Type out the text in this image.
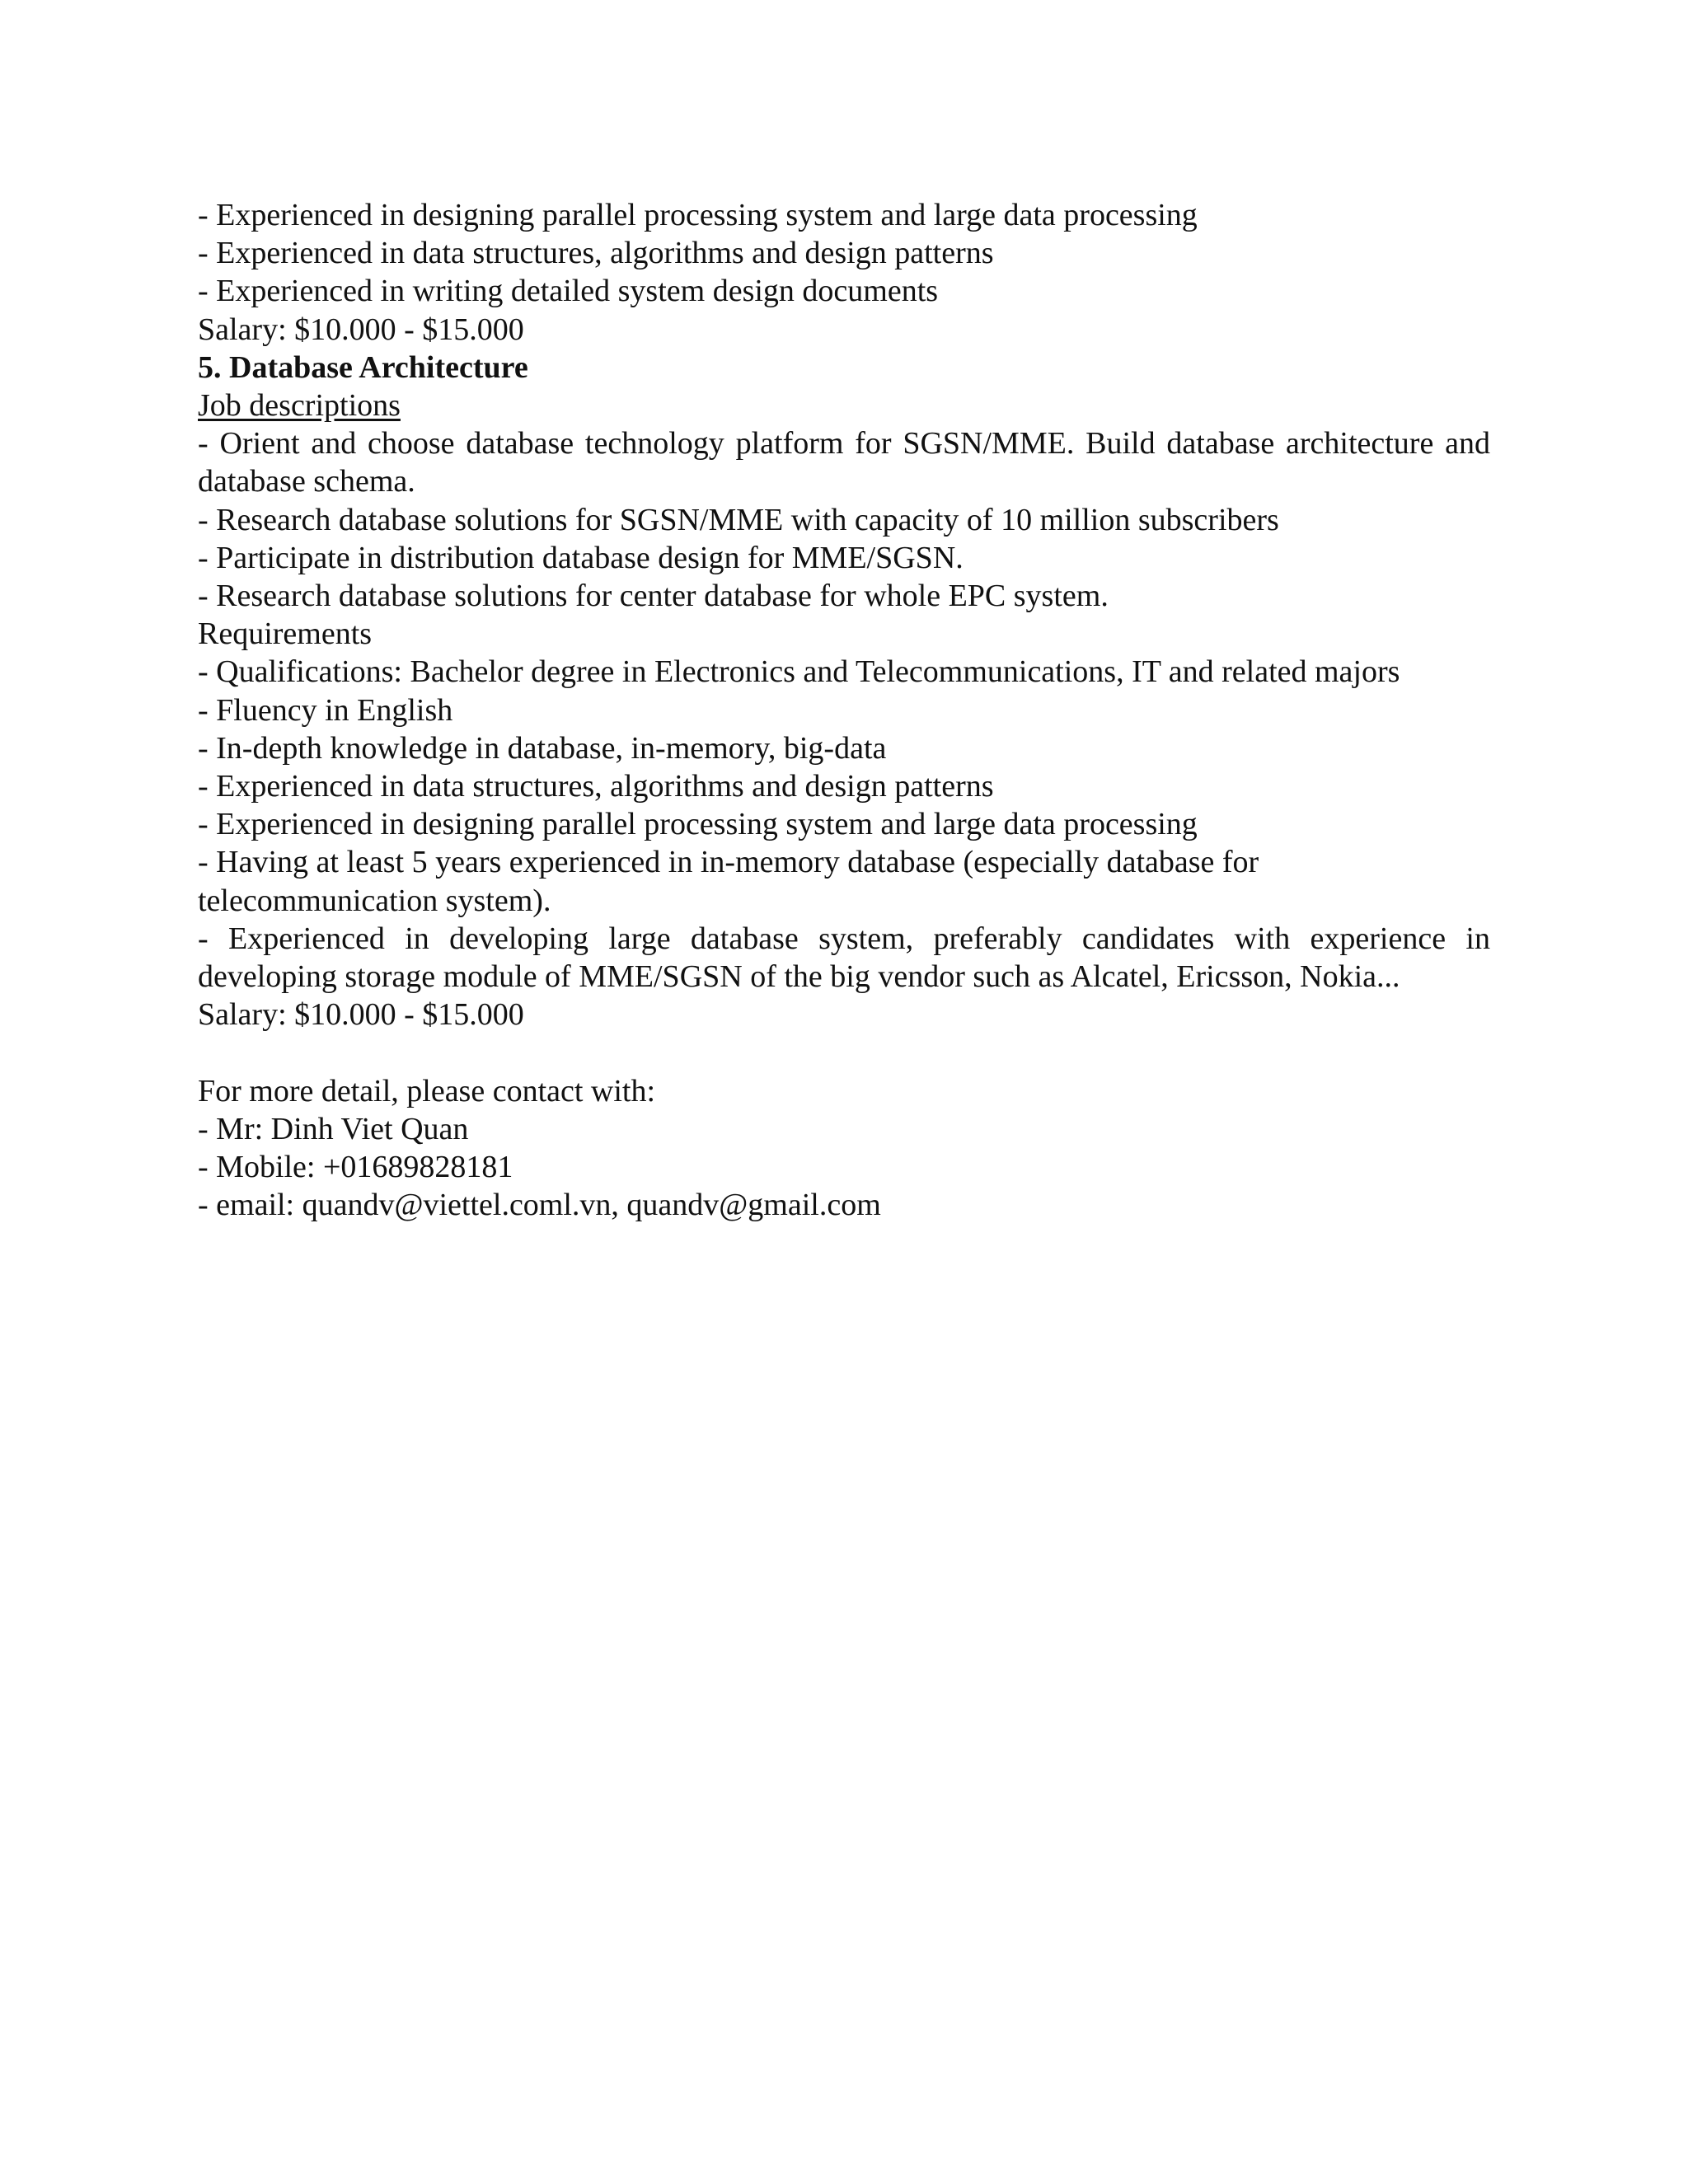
- Experienced in designing parallel processing system and large data processing
- Experienced in data structures, algorithms and design patterns
- Experienced in writing detailed system design documents
Salary: $10.000 - $15.000
5. Database Architecture
Job descriptions
- Orient and choose database technology platform for SGSN/MME. Build database architecture and database schema.
- Research database solutions for SGSN/MME with capacity of 10 million subscribers
- Participate in distribution database design for MME/SGSN.
- Research database solutions for center database for whole EPC system.
Requirements
- Qualifications: Bachelor degree in Electronics and Telecommunications, IT and related majors
- Fluency in English
- In-depth knowledge in database, in-memory, big-data
- Experienced in data structures, algorithms and design patterns
- Experienced in designing parallel processing system and large data processing
- Having at least 5 years experienced in in-memory database (especially database for telecommunication system).
- Experienced in developing large database system, preferably candidates with experience in developing storage module of MME/SGSN of the big vendor such as Alcatel, Ericsson, Nokia...
Salary: $10.000 - $15.000
For more detail, please contact with:
- Mr: Dinh Viet Quan
- Mobile: +01689828181
- email: quandv@viettel.coml.vn, quandv@gmail.com
